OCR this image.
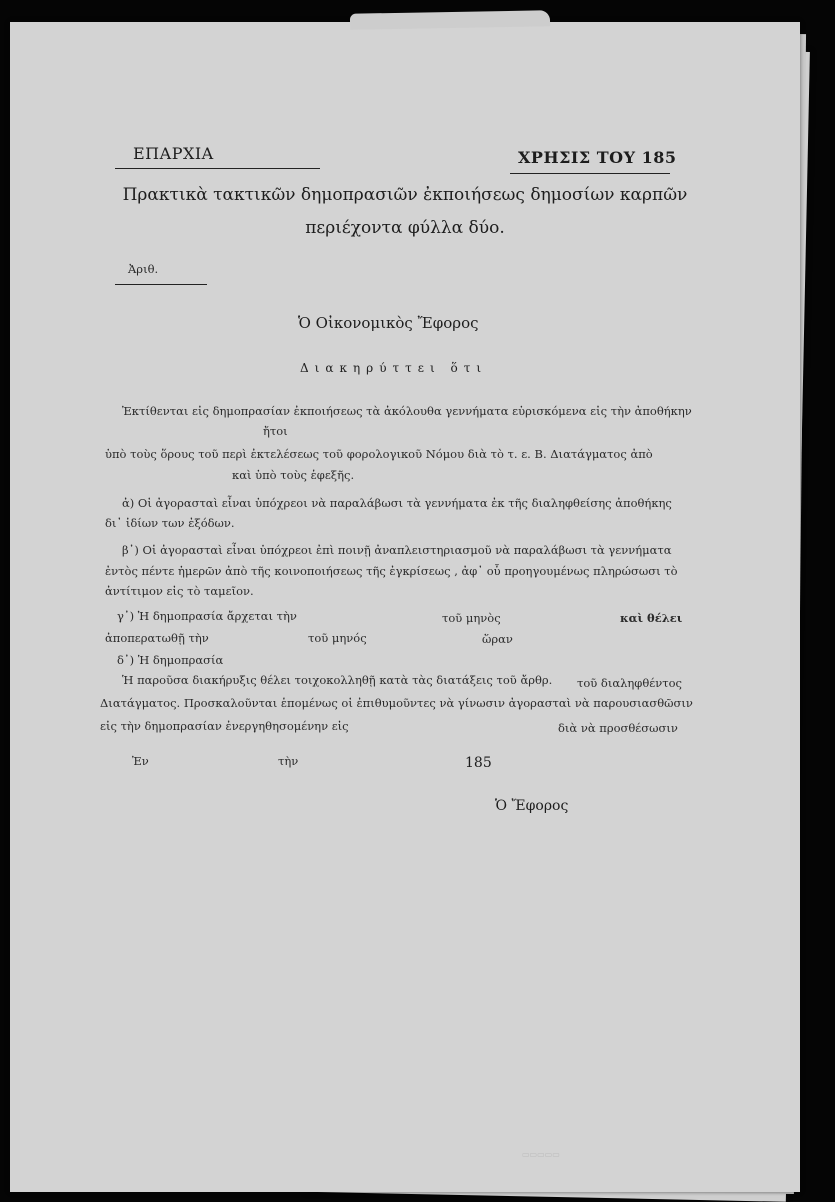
ΕΠΑΡΧΙΑ	ΧΡΗΣΙΣ ΤΟΥ 185
Πρακτικὰ τακτικῶν δημοπρασιῶν ἐκποιήσεως δημοσίων καρπῶν
περιέχοντα φύλλα δύο.
Ἀριθ.
Ὁ Οἰκονομικὸς Ἔφορος
Διακηρύττει ὅτι
Ἐκτίθενται εἰς δημοπρασίαν ἐκποιήσεως τὰ ἀκόλουθα γεννήματα εὑρισκόμενα εἰς τὴν ἀποθήκην
ἤτοι
ὑπὸ τοὺς ὅρους τοῦ περὶ ἐκτελέσεως τοῦ φορολογικοῦ Νόμου διὰ τὸ τ. ε. Β. Διατάγματος ἀπὸ
καὶ ὑπὸ τοὺς ἑφεξῆς.
ἀ) Οἱ ἀγορασταὶ εἶναι ὑπόχρεοι νὰ παραλάβωσι τὰ γεννήματα ἐκ τῆς διαληφθείσης ἀποθήκης
δι᾽ ἰδίων των ἐξόδων.
β᾽) Οἱ ἀγορασταὶ εἶναι ὑπόχρεοι ἐπὶ ποινῇ ἀναπλειστηριασμοῦ νὰ παραλάβωσι τὰ γεννήματα
ἐντὸς πέντε ἡμερῶν ἀπὸ τῆς κοινοποιήσεως τῆς ἐγκρίσεως , ἀφ᾽ οὗ προηγουμένως πληρώσωσι τὸ
ἀντίτιμον εἰς τὸ ταμεῖον.
γ᾽) Ἡ δημοπρασία ἄρχεται τὴν	τοῦ μηνὸς	καὶ θέλει
ἀποπερατωθῇ τὴν	τοῦ μηνός	ὥραν
δ᾽) Ἡ δημοπρασία
Ἡ παροῦσα διακήρυξις θέλει τοιχοκολληθῇ κατὰ τὰς διατάξεις τοῦ ἄρθρ. τοῦ διαληφθέντος
Διατάγματος. Προσκαλοῦνται ἑπομένως οἱ ἐπιθυμοῦντες νὰ γίνωσιν ἀγορασταὶ νὰ παρουσιασθῶσιν
εἰς τὴν δημοπρασίαν ἐνεργηθησομένην εἰς	διὰ νὰ προσθέσωσιν
Ἐν	τὴν	185
Ὁ Ἔφορος
▭▭▭▭▭
